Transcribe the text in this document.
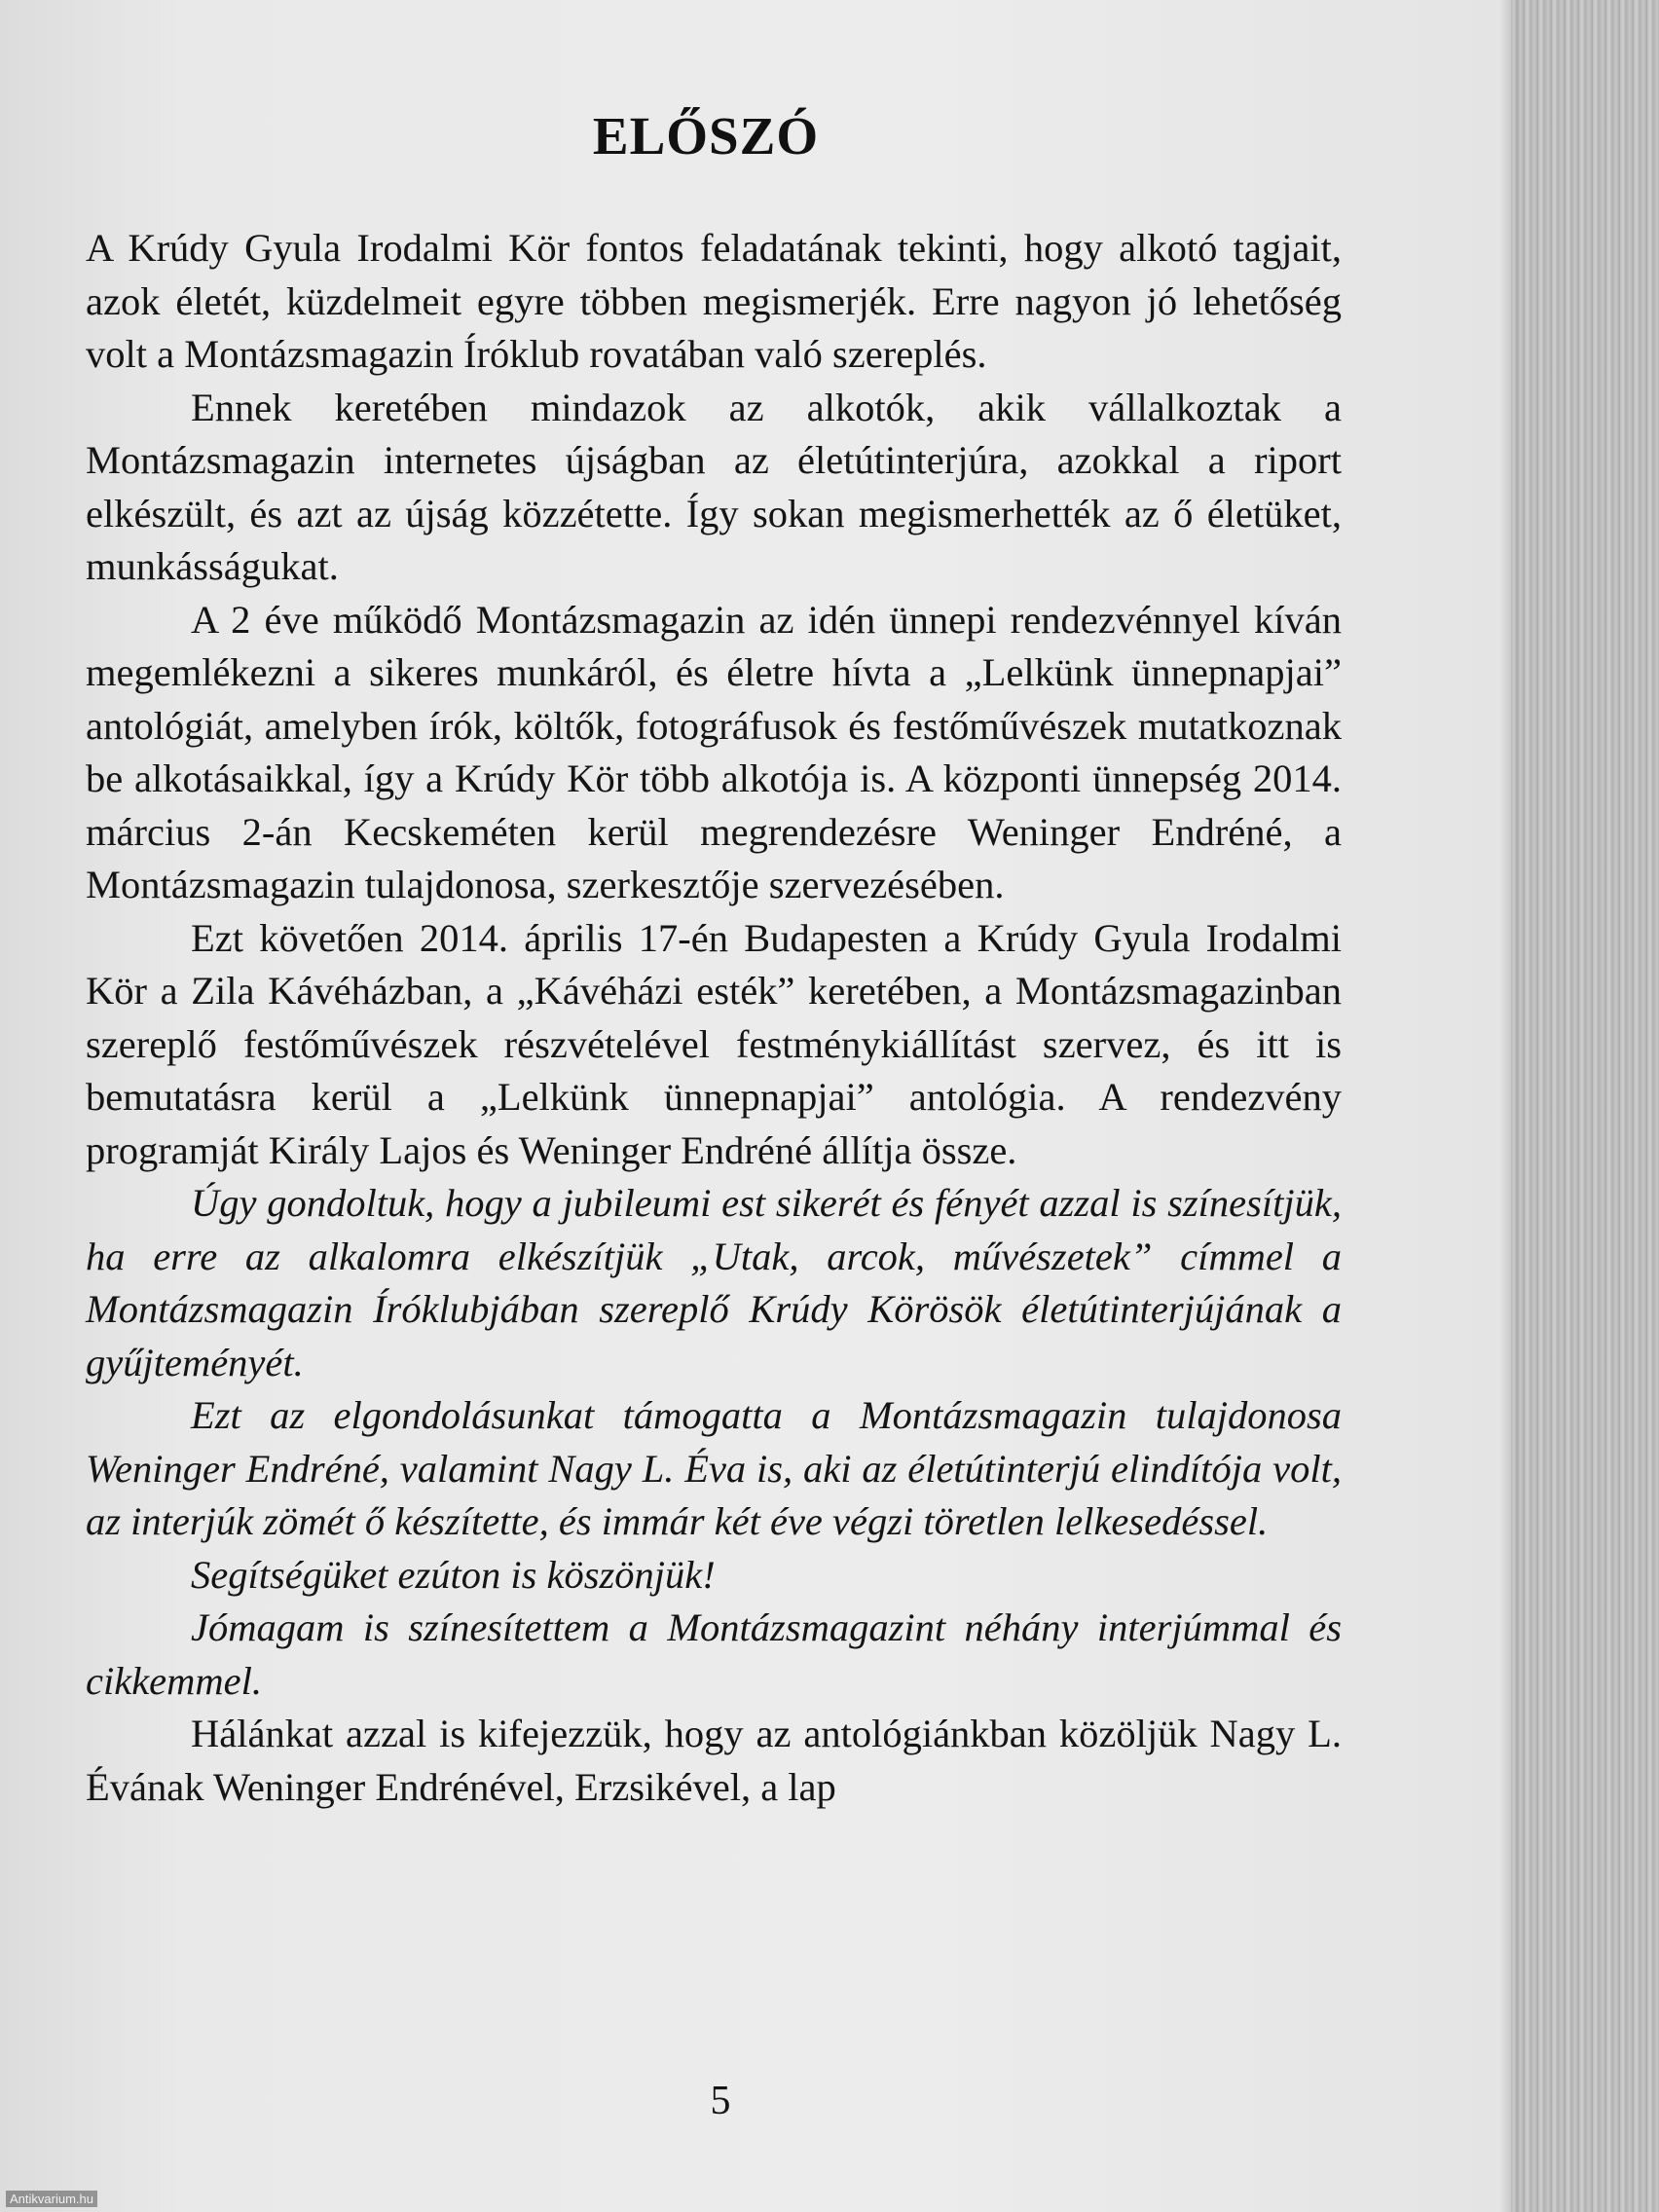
ELŐSZÓ

A Krúdy Gyula Irodalmi Kör fontos feladatának tekinti, hogy alkotó tagjait, azok életét, küzdelmeit egyre többen megismerjék. Erre nagyon jó lehetőség volt a Montázsmagazin Íróklub rovatában való szereplés.

Ennek keretében mindazok az alkotók, akik vállalkoztak a Montázsmagazin internetes újságban az életútinterjúra, azokkal a riport elkészült, és azt az újság közzétette. Így sokan megismerhették az ő életüket, munkásságukat.

A 2 éve működő Montázsmagazin az idén ünnepi rendezvénnyel kíván megemlékezni a sikeres munkáról, és életre hívta a „Lelkünk ünnepnapjai” antológiát, amelyben írók, költők, fotográfusok és festőművészek mutatkoznak be alkotásaikkal, így a Krúdy Kör több alkotója is. A központi ünnepség 2014. március 2-án Kecskeméten kerül megrendezésre Weninger Endréné, a Montázsmagazin tulajdonosa, szerkesztője szervezésében.

Ezt követően 2014. április 17-én Budapesten a Krúdy Gyula Irodalmi Kör a Zila Kávéházban, a „Kávéházi esték” keretében, a Montázsmagazinban szereplő festőművészek részvételével festménykiállítást szervez, és itt is bemutatásra kerül a „Lelkünk ünnepnapjai” antológia. A rendezvény programját Király Lajos és Weninger Endréné állítja össze.

Úgy gondoltuk, hogy a jubileumi est sikerét és fényét azzal is színesítjük, ha erre az alkalomra elkészítjük „Utak, arcok, művészetek” címmel a Montázsmagazin Íróklubjában szereplő Krúdy Körösök életútinterjújának a gyűjteményét.

Ezt az elgondolásunkat támogatta a Montázsmagazin tulajdonosa Weninger Endréné, valamint Nagy L. Éva is, aki az életútinterjú elindítója volt, az interjúk zömét ő készítette, és immár két éve végzi töretlen lelkesedéssel.

Segítségüket ezúton is köszönjük!

Jómagam is színesítettem a Montázsmagazint néhány interjúmmal és cikkemmel.

Hálánkat azzal is kifejezzük, hogy az antológiánkban közöljük Nagy L. Évának Weninger Endrénével, Erzsikével, a lap

5
Antikvarium.hu
